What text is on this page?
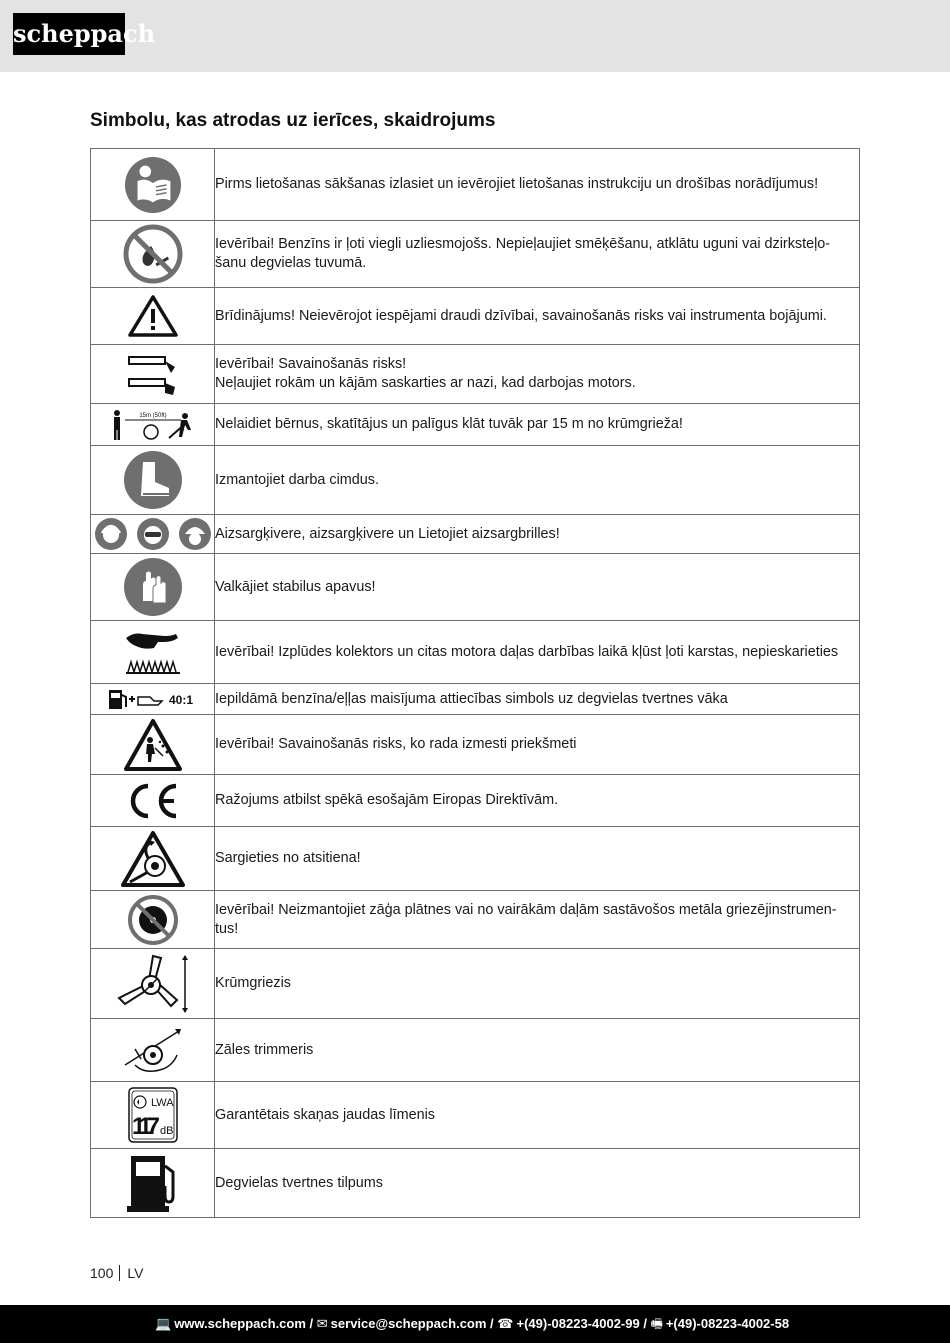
scheppach
Simbolu, kas atrodas uz ierīces, skaidrojums

Pirms lietošanas sākšanas izlasiet un ievērojiet lietošanas instrukciju un drošības norādījumus!

Ievērībai! Benzīns ir ļoti viegli uzliesmojošs. Nepieļaujiet smēķēšanu, atklātu uguni vai dzirksteļo-šanu degvielas tuvumā.

Brīdinājums! Neievērojot iespējami draudi dzīvībai, savainošanās risks vai instrumenta bojājumi.

Ievērībai! Savainošanās risks!
Neļaujiet rokām un kājām saskarties ar nazi, kad darbojas motors.

15m (50ft)	Nelaidiet bērnus, skatītājus un palīgus klāt tuvāk par 15 m no krūmgrieža!

Izmantojiet darba cimdus.

Aizsargķivere, aizsargķivere un Lietojiet aizsargbrilles!

Valkājiet stabilus apavus!

Ievērībai! Izplūdes kolektors un citas motora daļas darbības laikā kļūst ļoti karstas, nepieskarieties

40:1	Iepildāmā benzīna/eļļas maisījuma attiecības simbols uz degvielas tvertnes vāka

Ievērībai! Savainošanās risks, ko rada izmesti priekšmeti

Ražojums atbilst spēkā esošajām Eiropas Direktīvām.

Sargieties no atsitiena!

Ievērībai! Neizmantojiet zāģa plātnes vai no vairākām daļām sastāvošos metāla griezējinstrumen-tus!

Krūmgriezis

Zāles trimmeris

LWA
117 dB	Garantētais skaņas jaudas līmenis

Degvielas tvertnes tilpums
100 LV
💻 www.scheppach.com / ✉ service@scheppach.com / ☎ +(49)-08223-4002-99 / 🖷 +(49)-08223-4002-58
